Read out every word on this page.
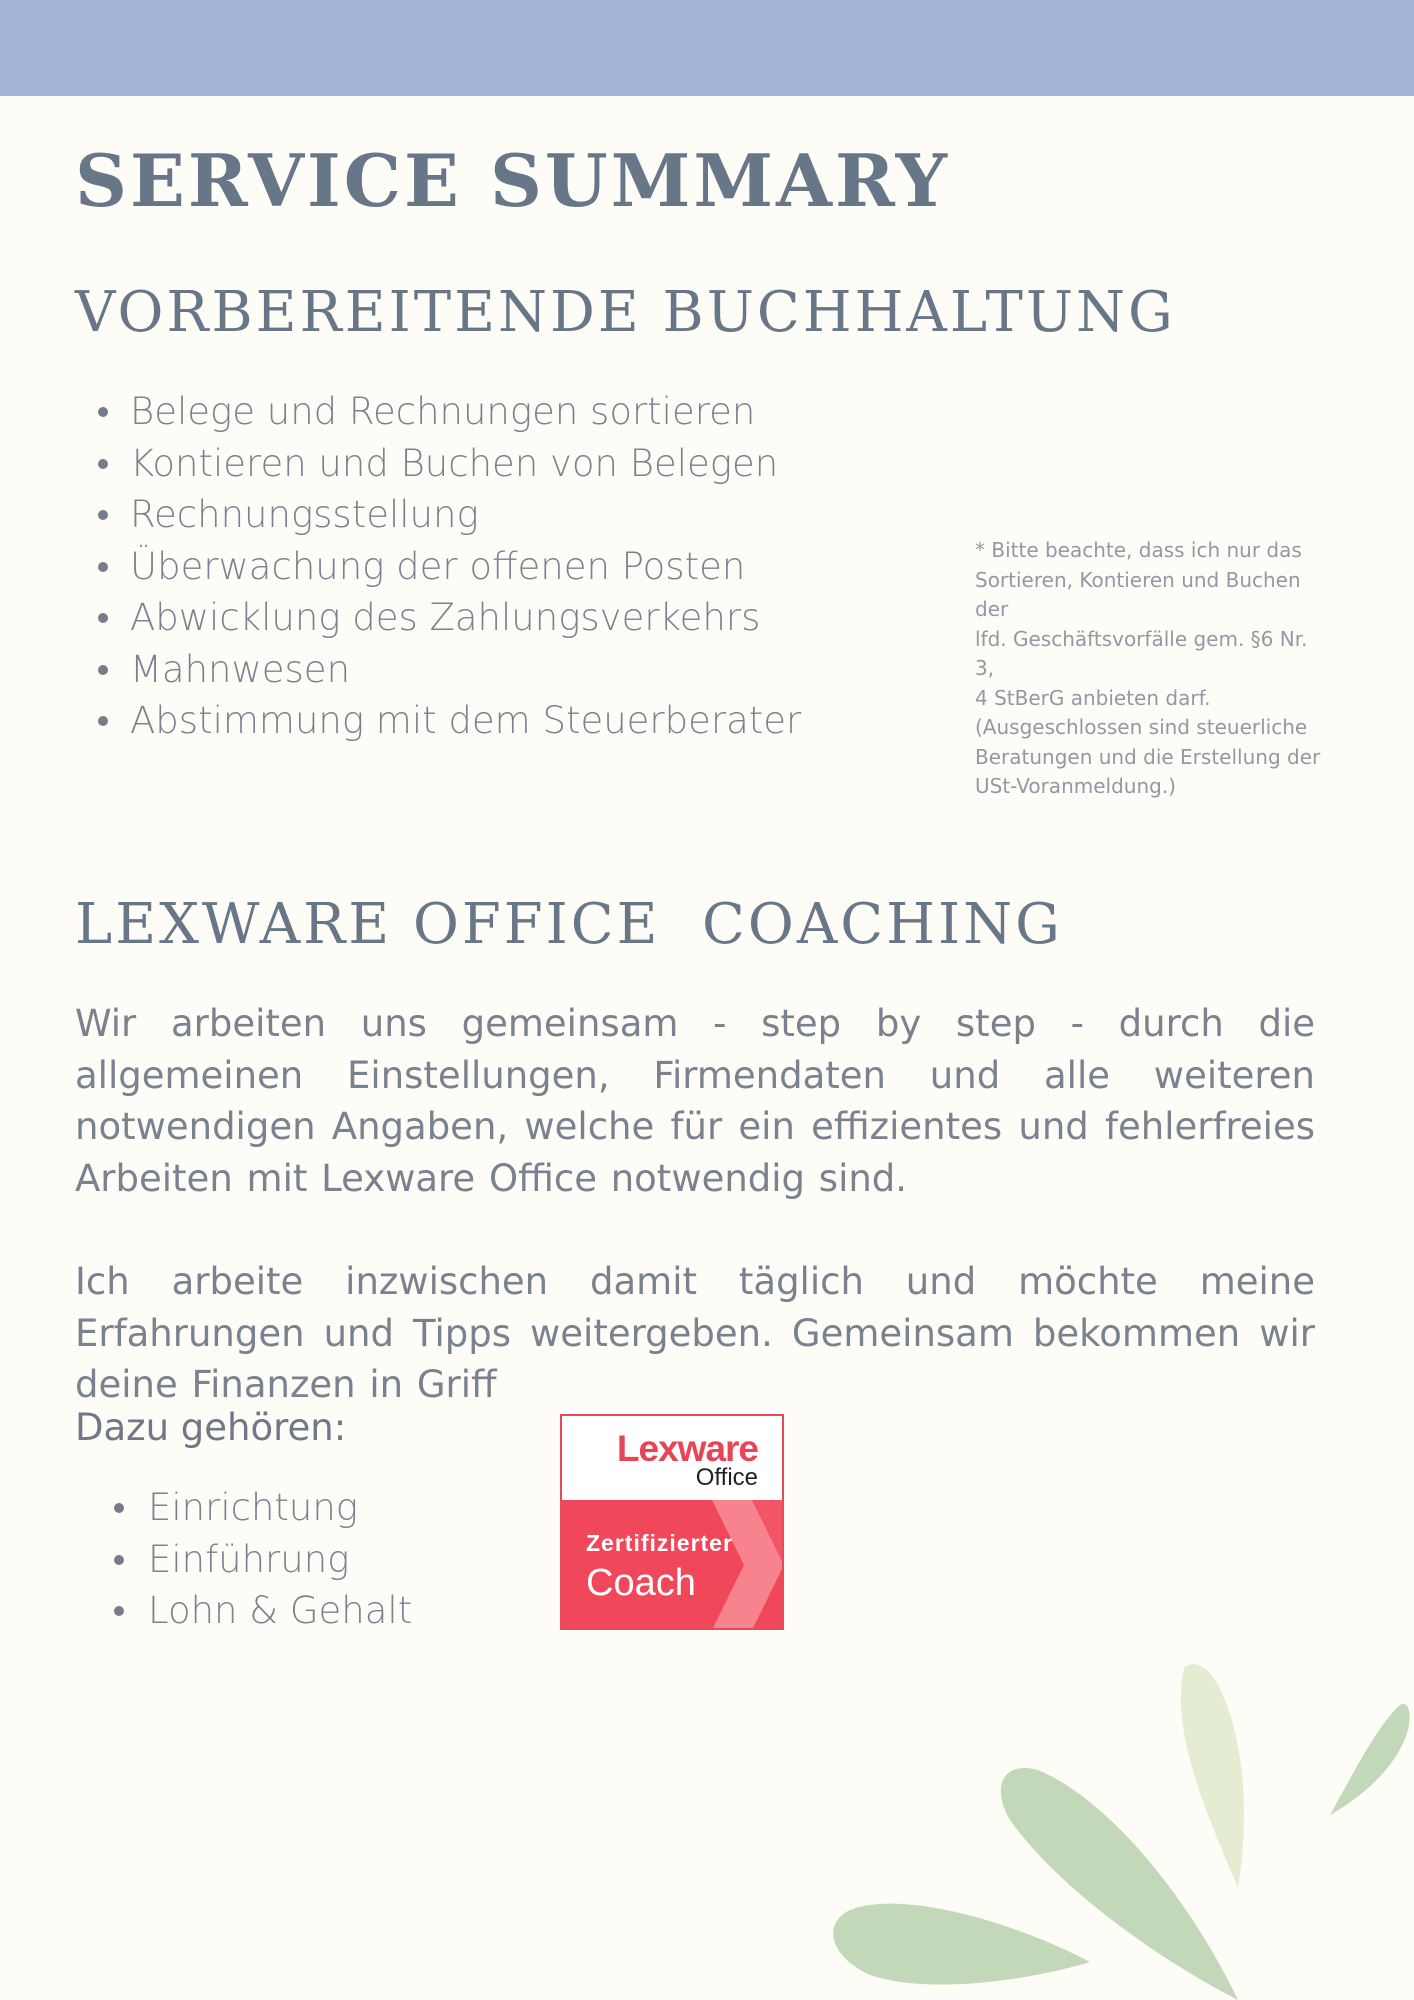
SERVICE SUMMARY
VORBEREITENDE BUCHHALTUNG
Belege und Rechnungen sortieren
Kontieren und Buchen von Belegen
Rechnungsstellung
Überwachung der offenen Posten
Abwicklung des Zahlungsverkehrs
Mahnwesen
Abstimmung mit dem Steuerberater
* Bitte beachte, dass ich nur das
Sortieren, Kontieren und Buchen der
lfd. Geschäftsvorfälle gem. §6 Nr. 3,
4 StBerG anbieten darf.
(Ausgeschlossen sind steuerliche
Beratungen und die Erstellung der
USt-Voranmeldung.)
LEXWARE OFFICE  COACHING

Wir arbeiten uns gemeinsam - step by step - durch die allgemeinen Einstellungen, Firmendaten und alle weiteren notwendigen Angaben, welche für ein effizientes und fehlerfreies Arbeiten mit Lexware Office notwendig sind.

Ich arbeite inzwischen damit täglich und möchte meine Erfahrungen und Tipps weitergeben. Gemeinsam bekommen wir deine Finanzen in Griff

Dazu gehören:
Einrichtung
Einführung
Lohn & Gehalt
Lexware
Office
Zertifizierter
Coach
